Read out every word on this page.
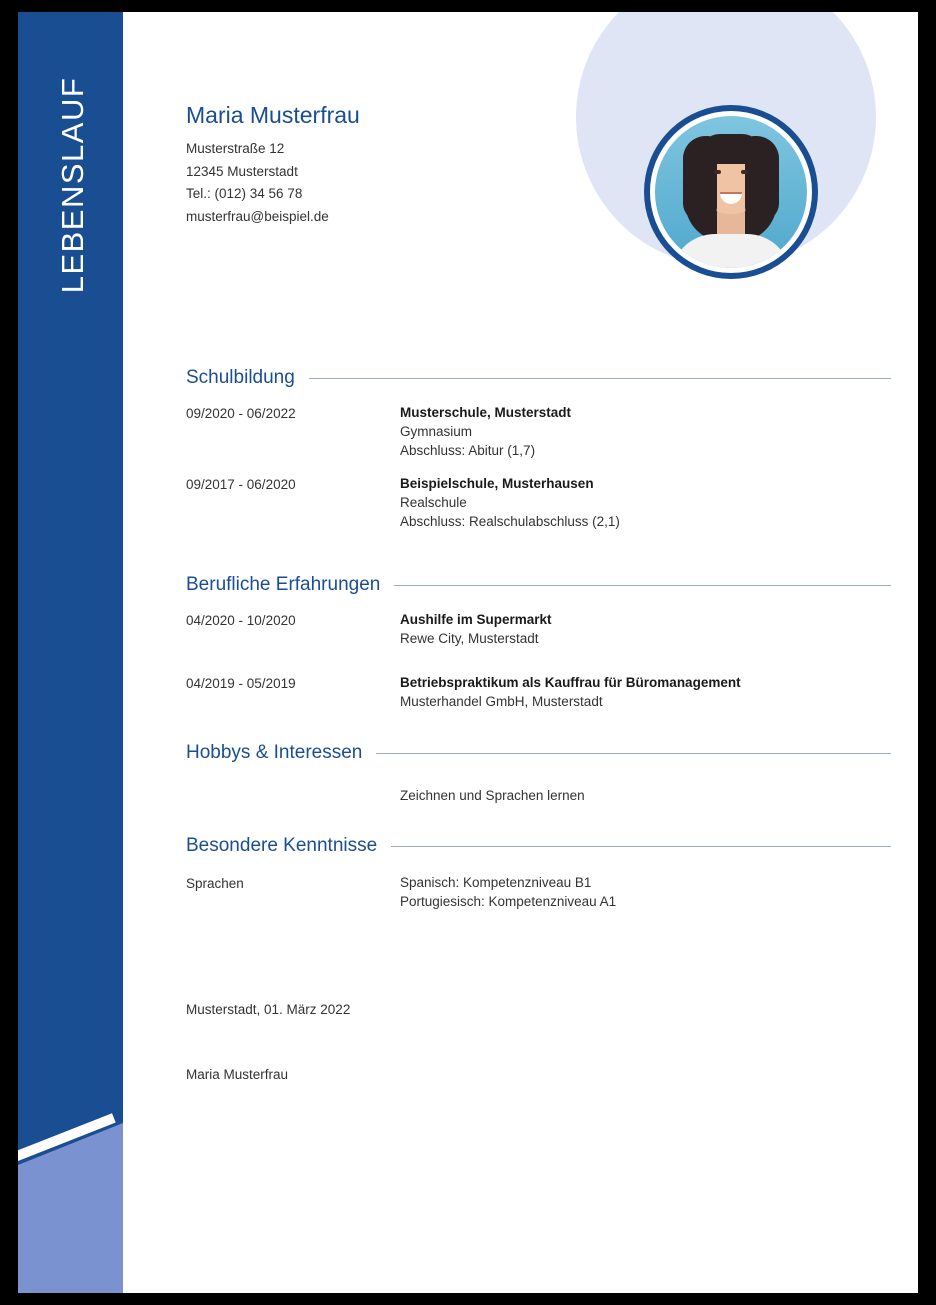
LEBENSLAUF	Maria Musterfrau
Musterstraße 12
12345 Musterstadt
Tel.: (012) 34 56 78
musterfrau@beispiel.de
Schulbildung
09/2020 - 06/2022	Musterschule, Musterstadt
Gymnasium
Abschluss: Abitur (1,7)
09/2017 - 06/2020	Beispielschule, Musterhausen
Realschule
Abschluss: Realschulabschluss (2,1)
Berufliche Erfahrungen
04/2020 - 10/2020	Aushilfe im Supermarkt
Rewe City, Musterstadt
04/2019 - 05/2019	Betriebspraktikum als Kauffrau für Büromanagement
Musterhandel GmbH, Musterstadt
Hobbys & Interessen
Zeichnen und Sprachen lernen
Besondere Kenntnisse
Sprachen	Spanisch: Kompetenzniveau B1
Portugiesisch: Kompetenzniveau A1
Musterstadt, 01. März 2022
Maria Musterfrau
